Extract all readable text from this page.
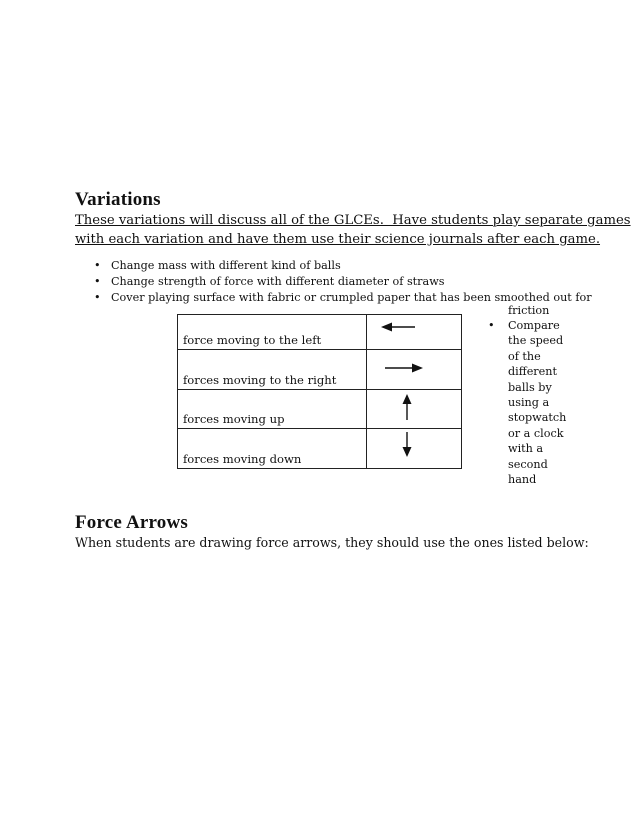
Variations
These variations will discuss all of the GLCEs.  Have students play separate games
with each variation and have them use their science journals after each game.
• Change mass with different kind of balls
• Change strength of force with different diameter of straws
• Cover playing surface with fabric or crumpled paper that has been smoothed out for
friction
• Compare
the speed
of the
different
balls by
using a
stopwatch
or a clock
with a
second
hand
force moving to the left	

forces moving to the right	

forces moving up	

forces moving down	
Force Arrows
When students are drawing force arrows, they should use the ones listed below:
